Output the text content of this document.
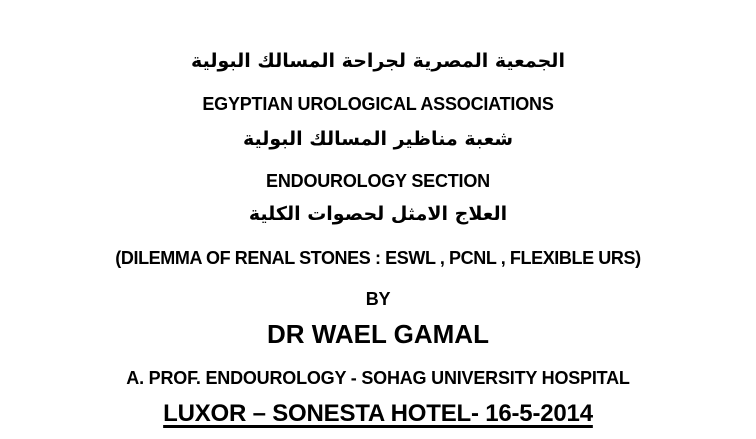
الجمعية المصرية لجراحة المسالك البولية
EGYPTIAN UROLOGICAL ASSOCIATIONS
شعبة مناظير المسالك البولية
ENDOUROLOGY SECTION
العلاج الامثل لحصوات الكلية
(DILEMMA OF RENAL STONES : ESWL , PCNL , FLEXIBLE URS)
BY
DR WAEL GAMAL
A. PROF. ENDOUROLOGY - SOHAG UNIVERSITY HOSPITAL
LUXOR – SONESTA HOTEL- 16-5-2014
